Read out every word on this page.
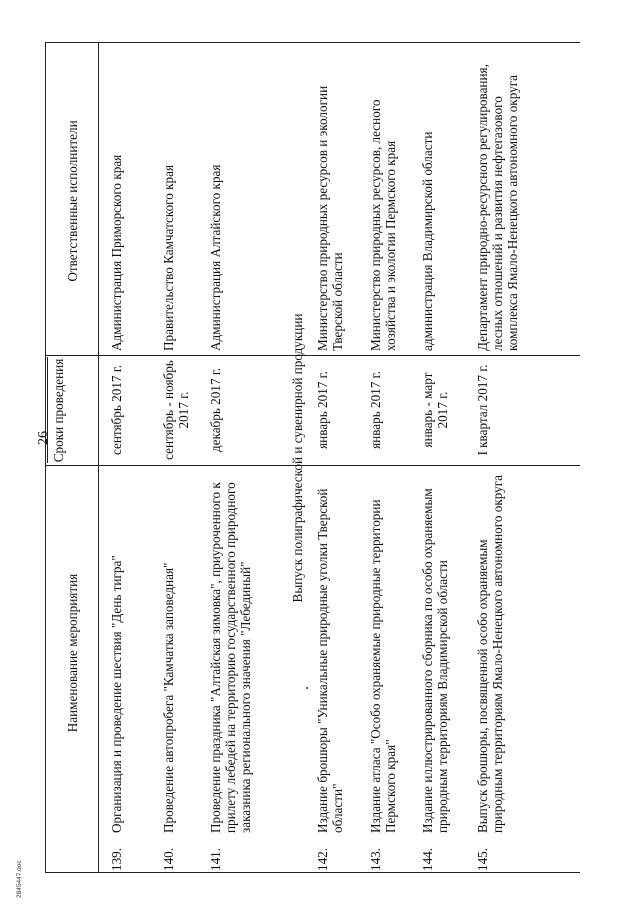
26
2845447.doc
Наименование мероприятия
Сроки проведения
Ответственные исполнители
139.
Организация и проведение шествия "День тигра"
сентябрь 2017 г.
Администрация Приморского края
140.
Проведение автопробега "Камчатка заповедная"
сентябрь - ноябрь 2017 г.
Правительство Камчатского края
141.
Проведение праздника "Алтайская зимовка", приуроченного к прилету лебедей на территорию государственного природного заказника регионального значения "Лебединый"
декабрь 2017 г.
Администрация Алтайского края
Выпуск полиграфической и сувенирной продукции
142.
Издание брошюры "Уникальные природные уголки Тверской области"
январь 2017 г.
Министерство природных ресурсов и экологии Тверской области
143.
Издание атласа "Особо охраняемые природные территории Пермского края"
январь 2017 г.
Министерство природных ресурсов, лесного хозяйства и экологии Пермского края
144.
Издание иллюстрированного сборника по особо охраняемым природным территориям Владимирской области
январь - март 2017 г.
администрация Владимирской области
145.
Выпуск брошюры, посвященной особо охраняемым природным территориям Ямало-Ненецкого автономного округа
I квартал 2017 г.
Департамент природно-ресурсного регулирования, лесных отношений и развития нефтегазового комплекса Ямало-Ненецкого автономного округа
